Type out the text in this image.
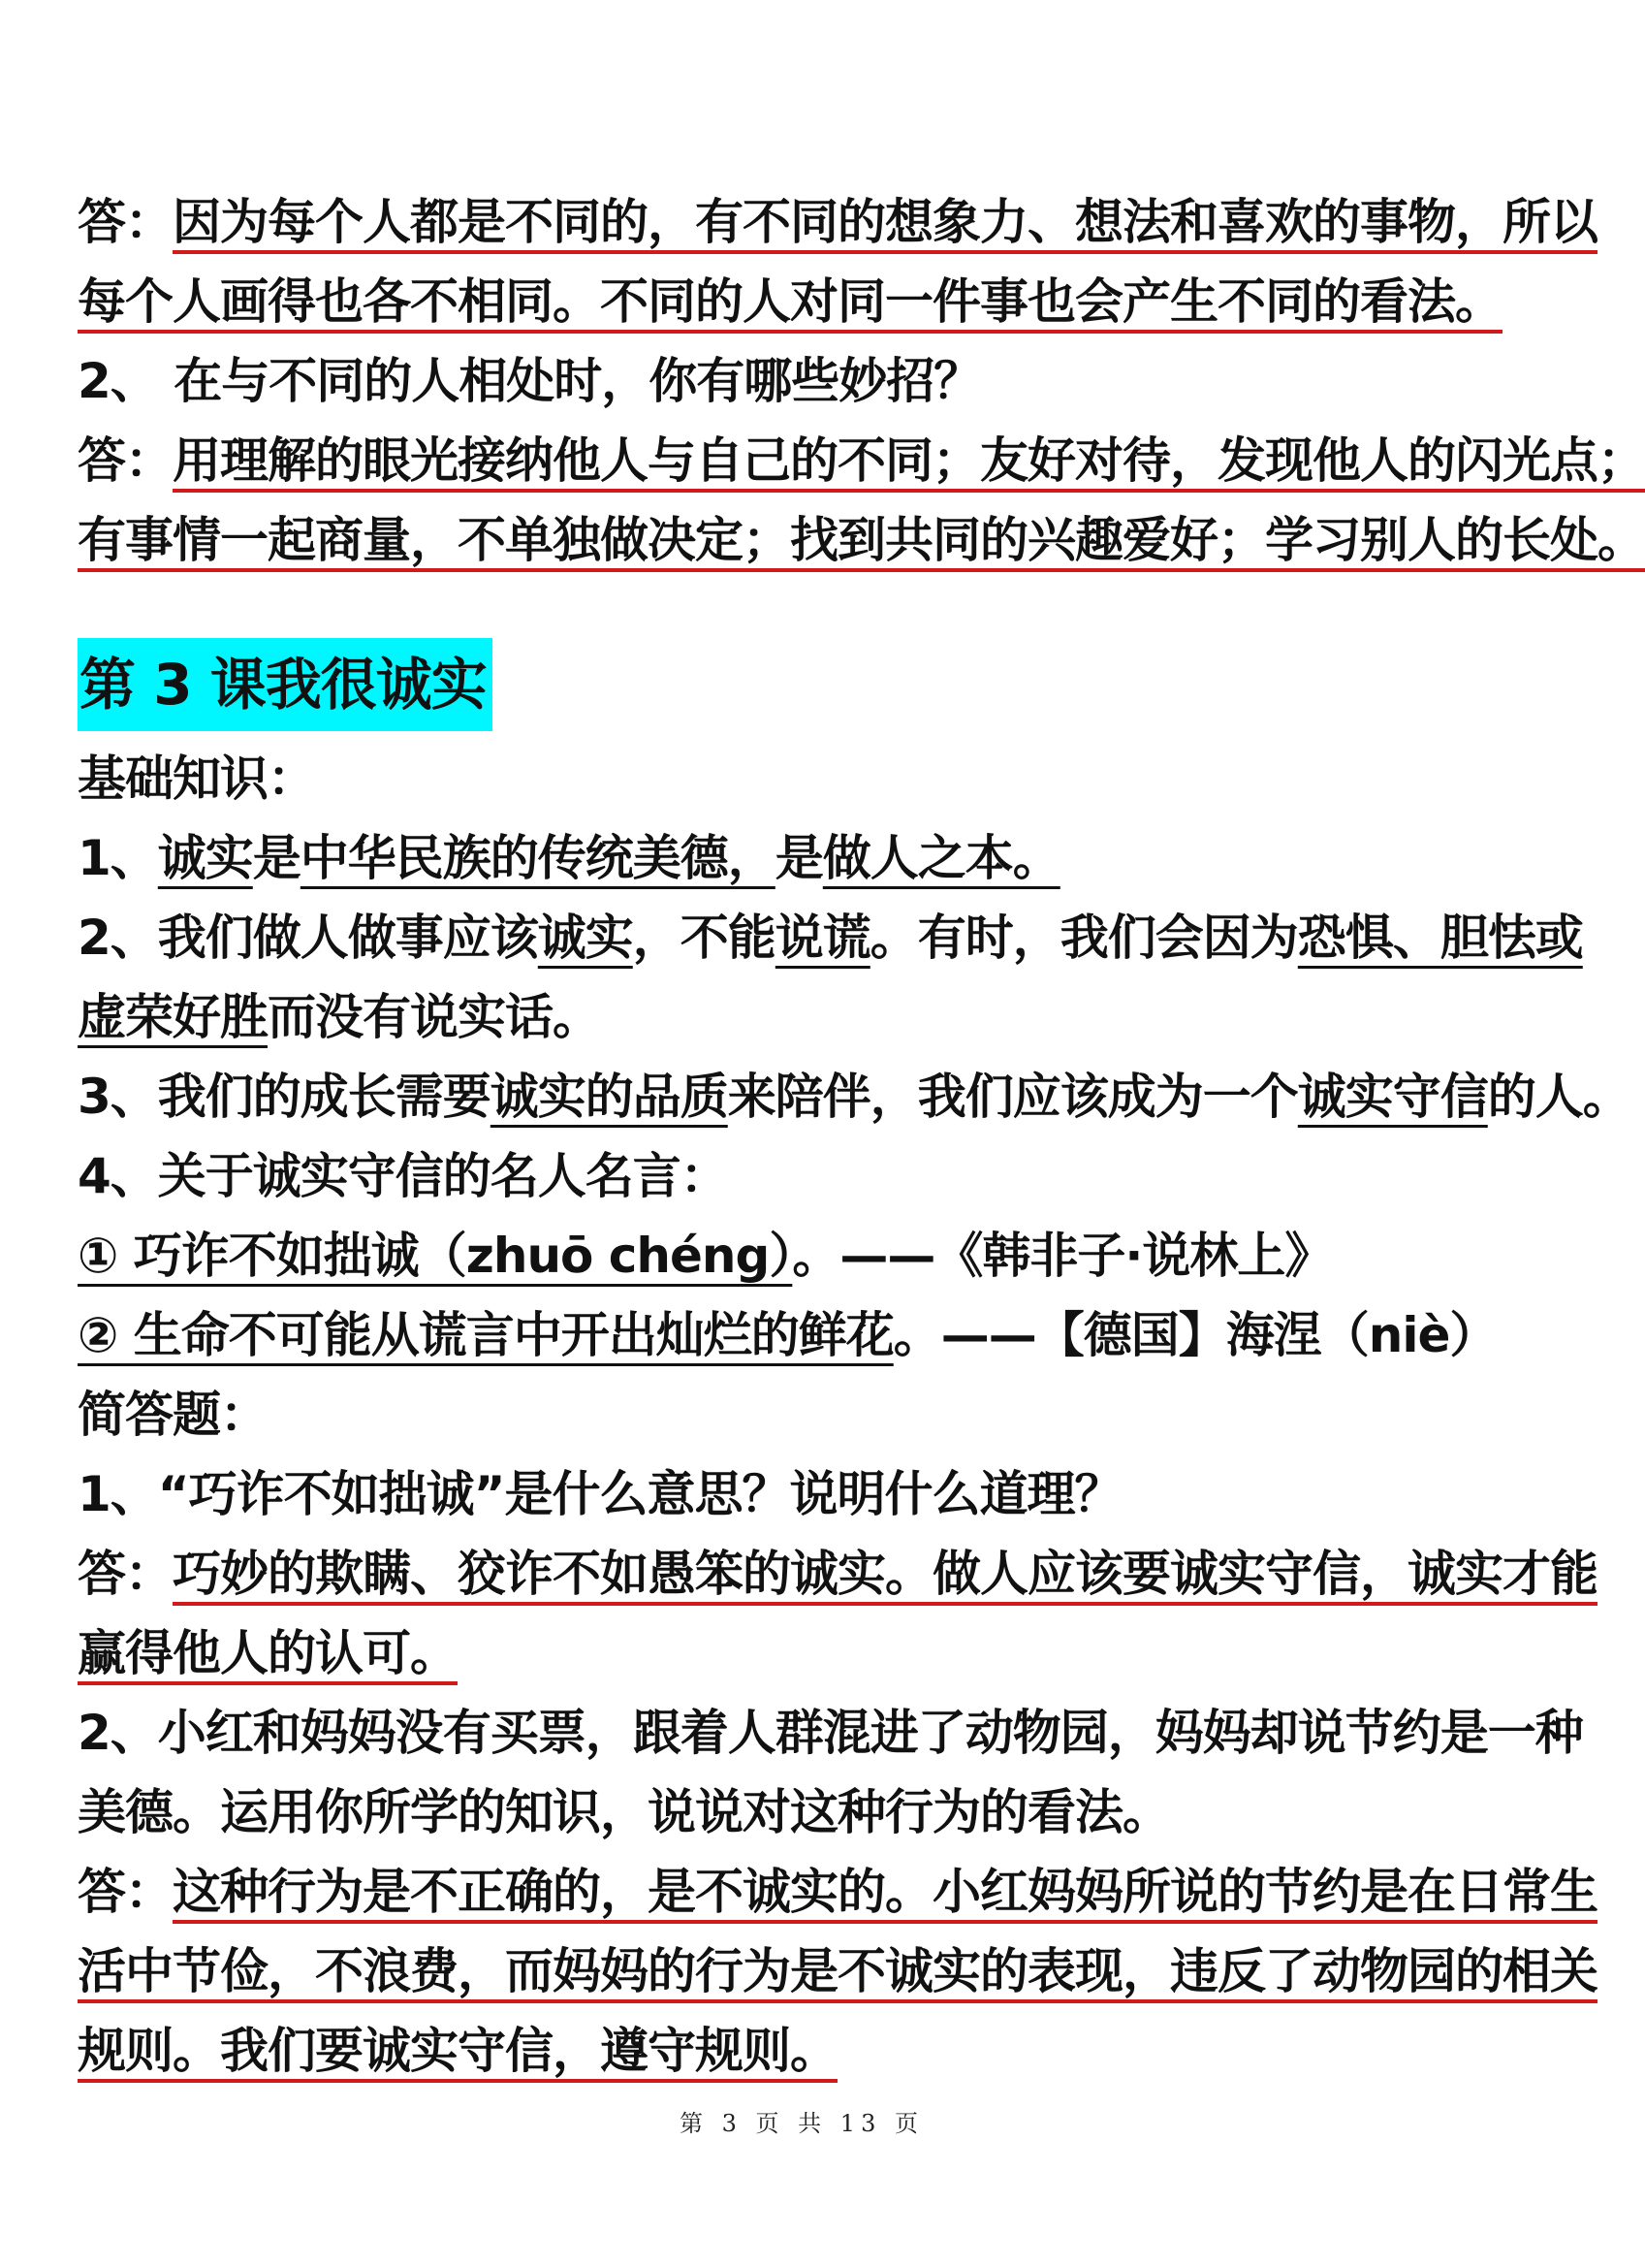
答：因为每个人都是不同的，有不同的想象力、想法和喜欢的事物，所以
每个人画得也各不相同。不同的人对同一件事也会产生不同的看法。
2、 在与不同的人相处时，你有哪些妙招？
答：用理解的眼光接纳他人与自己的不同；友好对待，发现他人的闪光点；
有事情一起商量，不单独做决定；找到共同的兴趣爱好；学习别人的长处。
第 3 课我很诚实
基础知识：
1、诚实是中华民族的传统美德，是做人之本。
2、我们做人做事应该诚实，不能说谎。有时，我们会因为恐惧、胆怯或
虚荣好胜而没有说实话。
3、我们的成长需要诚实的品质来陪伴，我们应该成为一个诚实守信的人。
4、关于诚实守信的名人名言：
① 巧诈不如拙诚（zhuō chéng）。——《韩非子·说林上》
② 生命不可能从谎言中开出灿烂的鲜花。——【德国】海涅（niè）
简答题：
1、“巧诈不如拙诚”是什么意思？说明什么道理？
答：巧妙的欺瞒、狡诈不如愚笨的诚实。做人应该要诚实守信，诚实才能
赢得他人的认可。
2、小红和妈妈没有买票，跟着人群混进了动物园，妈妈却说节约是一种
美德。运用你所学的知识，说说对这种行为的看法。
答：这种行为是不正确的，是不诚实的。小红妈妈所说的节约是在日常生
活中节俭，不浪费，而妈妈的行为是不诚实的表现，违反了动物园的相关
规则。我们要诚实守信，遵守规则。
第 3 页 共 13 页
